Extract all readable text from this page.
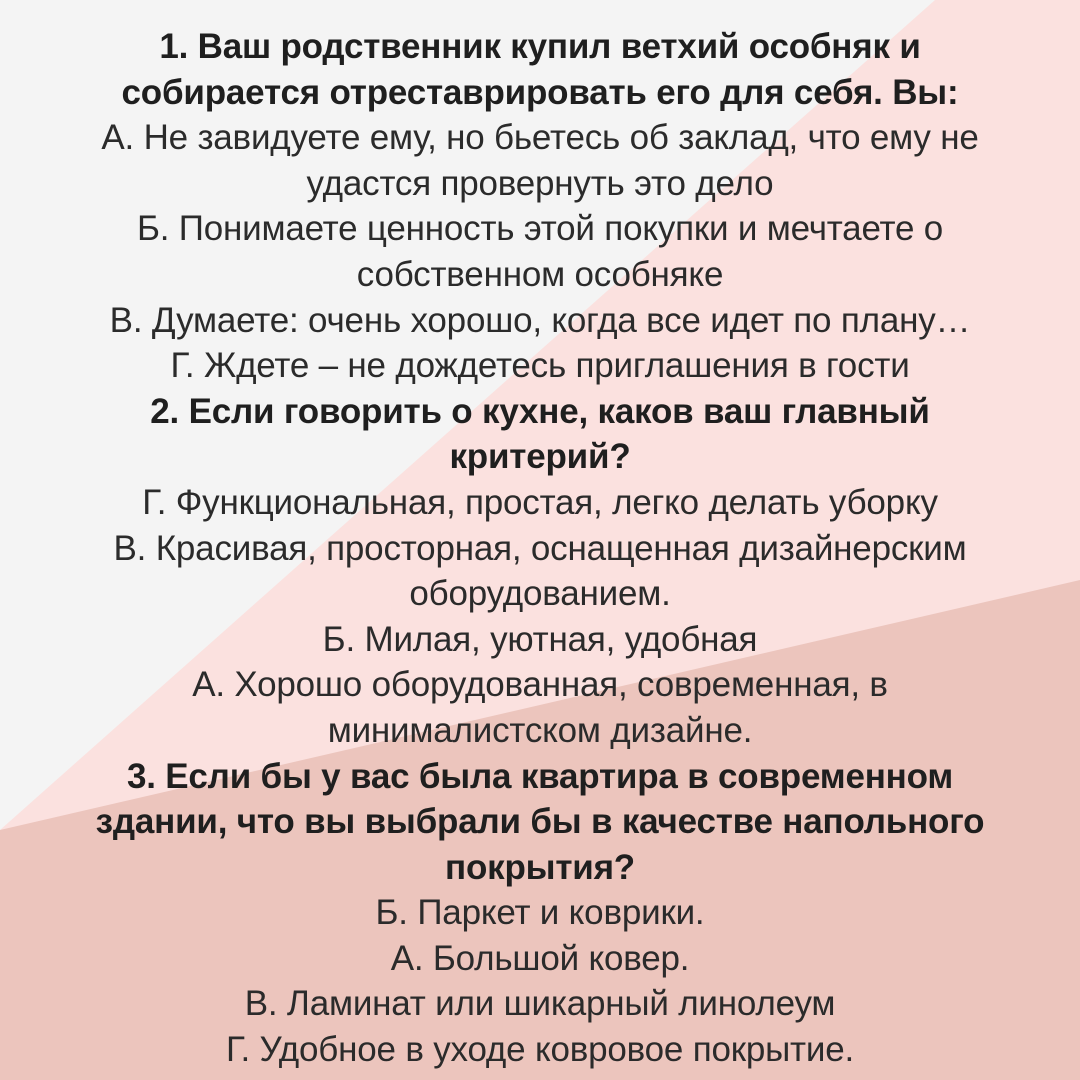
1. Ваш родственник купил ветхий особняк и
собирается отреставрировать его для себя. Вы:
А. Не завидуете ему, но бьетесь об заклад, что ему не
удастся провернуть это дело
Б. Понимаете ценность этой покупки и мечтаете о
собственном особняке
В. Думаете: очень хорошо, когда все идет по плану…
Г. Ждете – не дождетесь приглашения в гости
2. Если говорить о кухне, каков ваш главный
критерий?
Г. Функциональная, простая, легко делать уборку
В. Красивая, просторная, оснащенная дизайнерским
оборудованием.
Б. Милая, уютная, удобная
А. Хорошо оборудованная, современная, в
минималистском дизайне.
3. Если бы у вас была квартира в современном
здании, что вы выбрали бы в качестве напольного
покрытия?
Б. Паркет и коврики.
А. Большой ковер.
В. Ламинат или шикарный линолеум
Г. Удобное в уходе ковровое покрытие.
